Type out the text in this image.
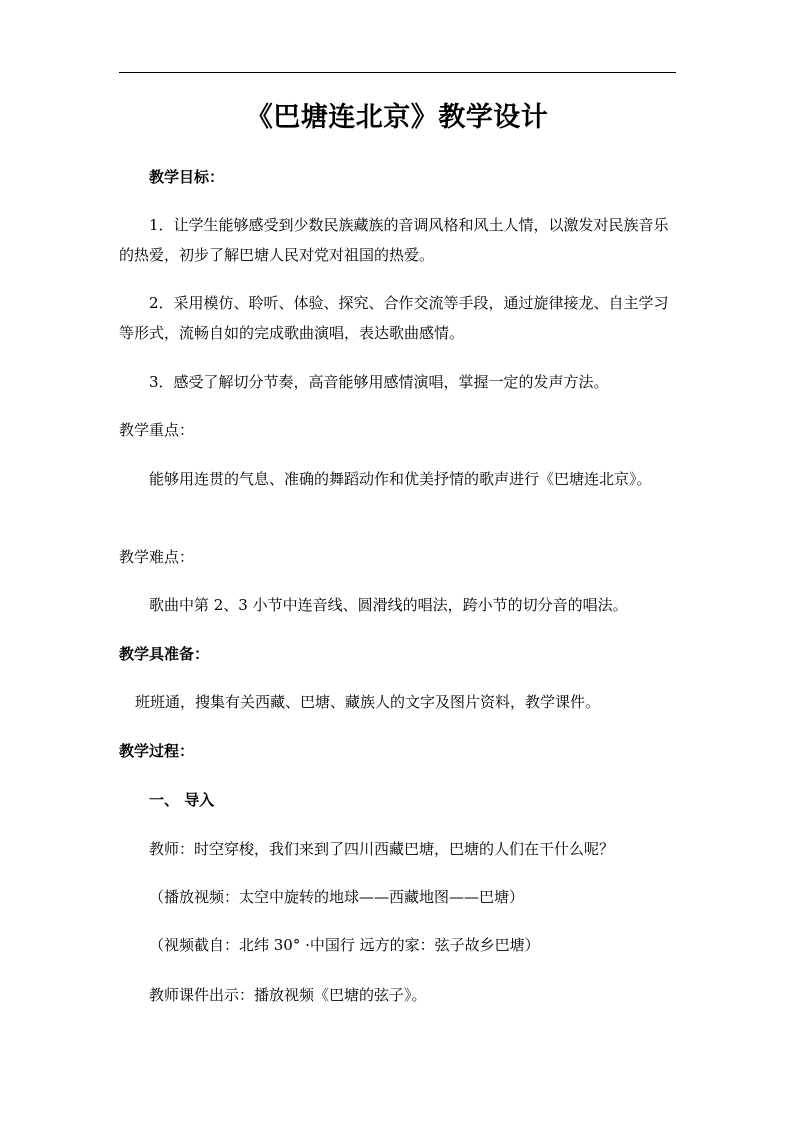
《巴塘连北京》教学设计

教学目标：

1．让学生能够感受到少数民族藏族的音调风格和风土人情，以激发对民族音乐的热爱，初步了解巴塘人民对党对祖国的热爱。

2．采用模仿、聆听、体验、探究、合作交流等手段，通过旋律接龙、自主学习等形式，流畅自如的完成歌曲演唱，表达歌曲感情。

3．感受了解切分节奏，高音能够用感情演唱，掌握一定的发声方法。

教学重点：

能够用连贯的气息、准确的舞蹈动作和优美抒情的歌声进行《巴塘连北京》。

教学难点：

歌曲中第 2、3 小节中连音线、圆滑线的唱法，跨小节的切分音的唱法。

教学具准备：

班班通，搜集有关西藏、巴塘、藏族人的文字及图片资料，教学课件。

教学过程：

一、 导入

教师：时空穿梭，我们来到了四川西藏巴塘，巴塘的人们在干什么呢？

（播放视频：太空中旋转的地球——西藏地图——巴塘）

（视频截自：北纬 30° ·中国行 远方的家：弦子故乡巴塘）

教师课件出示：播放视频《巴塘的弦子》。
